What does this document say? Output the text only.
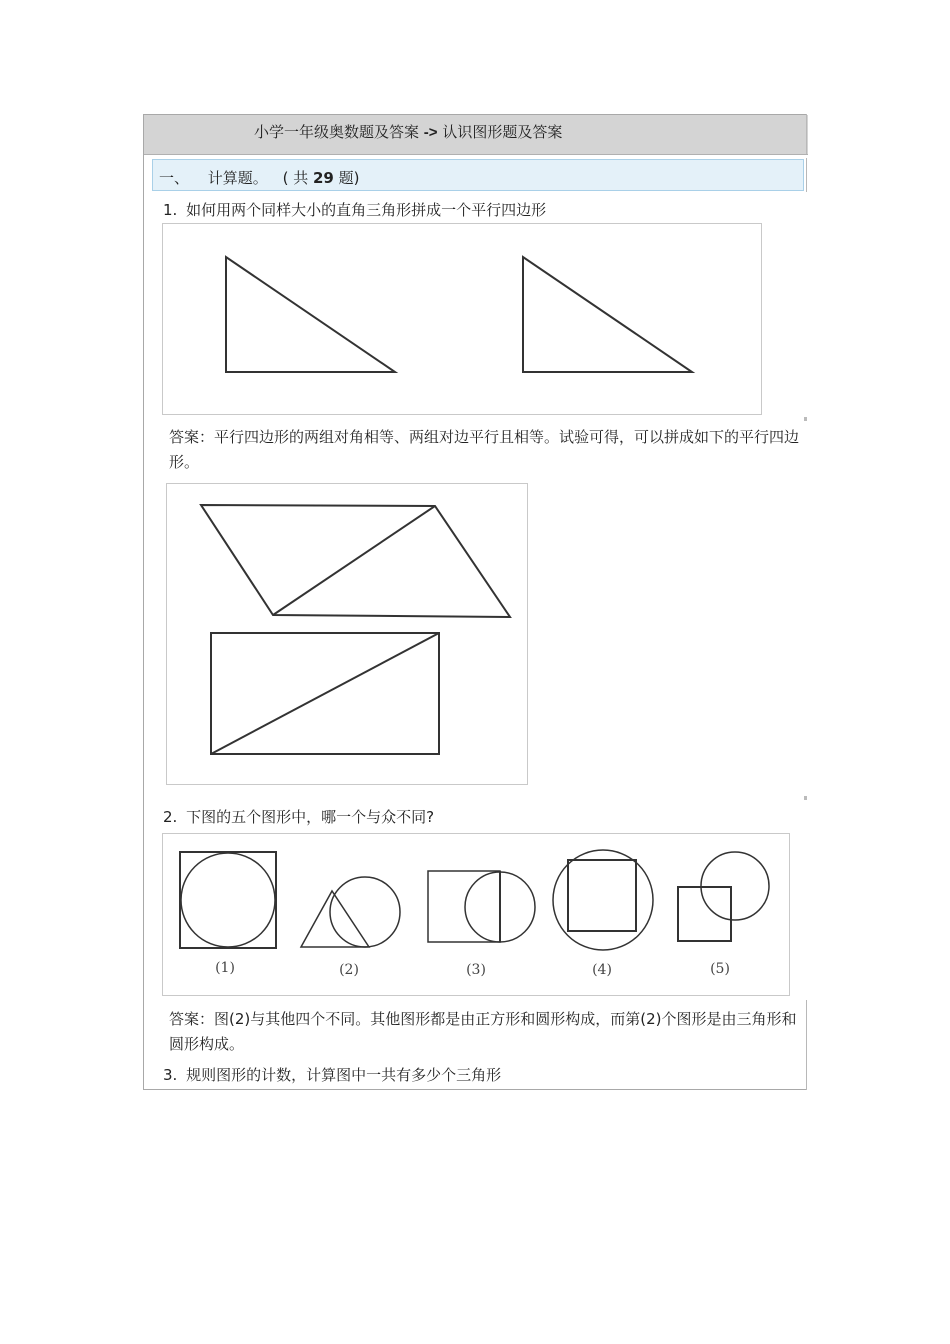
小学一年级奥数题及答案 -> 认识图形题及答案
一、 计算题。 ( 共 29 题)
1. 如何用两个同样大小的直角三角形拼成一个平行四边形
答案：平行四边形的两组对角相等、两组对边平行且相等。试验可得，可以拼成如下的平行四边形。
2. 下图的五个图形中，哪一个与众不同?
(1)	(2)	(3)	(4)	(5)
答案：图(2)与其他四个不同。其他图形都是由正方形和圆形构成，而第(2)个图形是由三角形和圆形构成。
3. 规则图形的计数，计算图中一共有多少个三角形
